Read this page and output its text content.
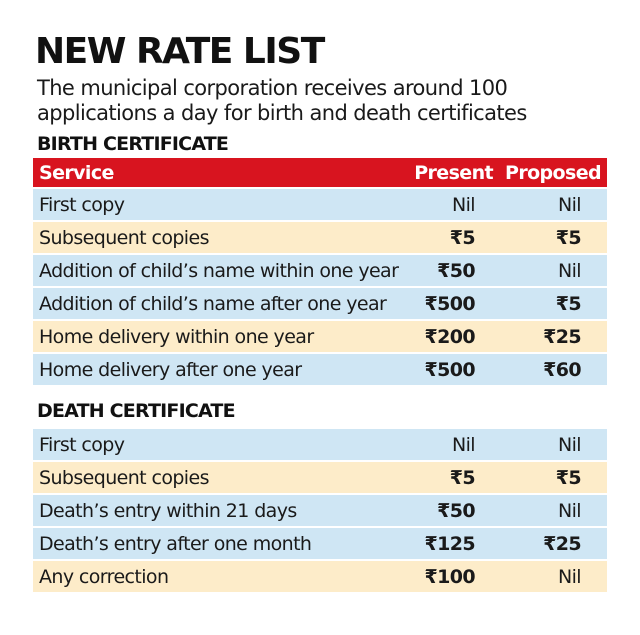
NEW RATE LIST
The municipal corporation receives around 100
applications a day for birth and death certificates
BIRTH CERTIFICATE
Service	Present	Proposed
First copy	Nil	Nil
Subsequent copies	₹5	₹5
Addition of child’s name within one year	₹50	Nil
Addition of child’s name after one year	₹500	₹5
Home delivery within one year	₹200	₹25
Home delivery after one year	₹500	₹60
DEATH CERTIFICATE
First copy	Nil	Nil
Subsequent copies	₹5	₹5
Death’s entry within 21 days	₹50	Nil
Death’s entry after one month	₹125	₹25
Any correction	₹100	Nil
